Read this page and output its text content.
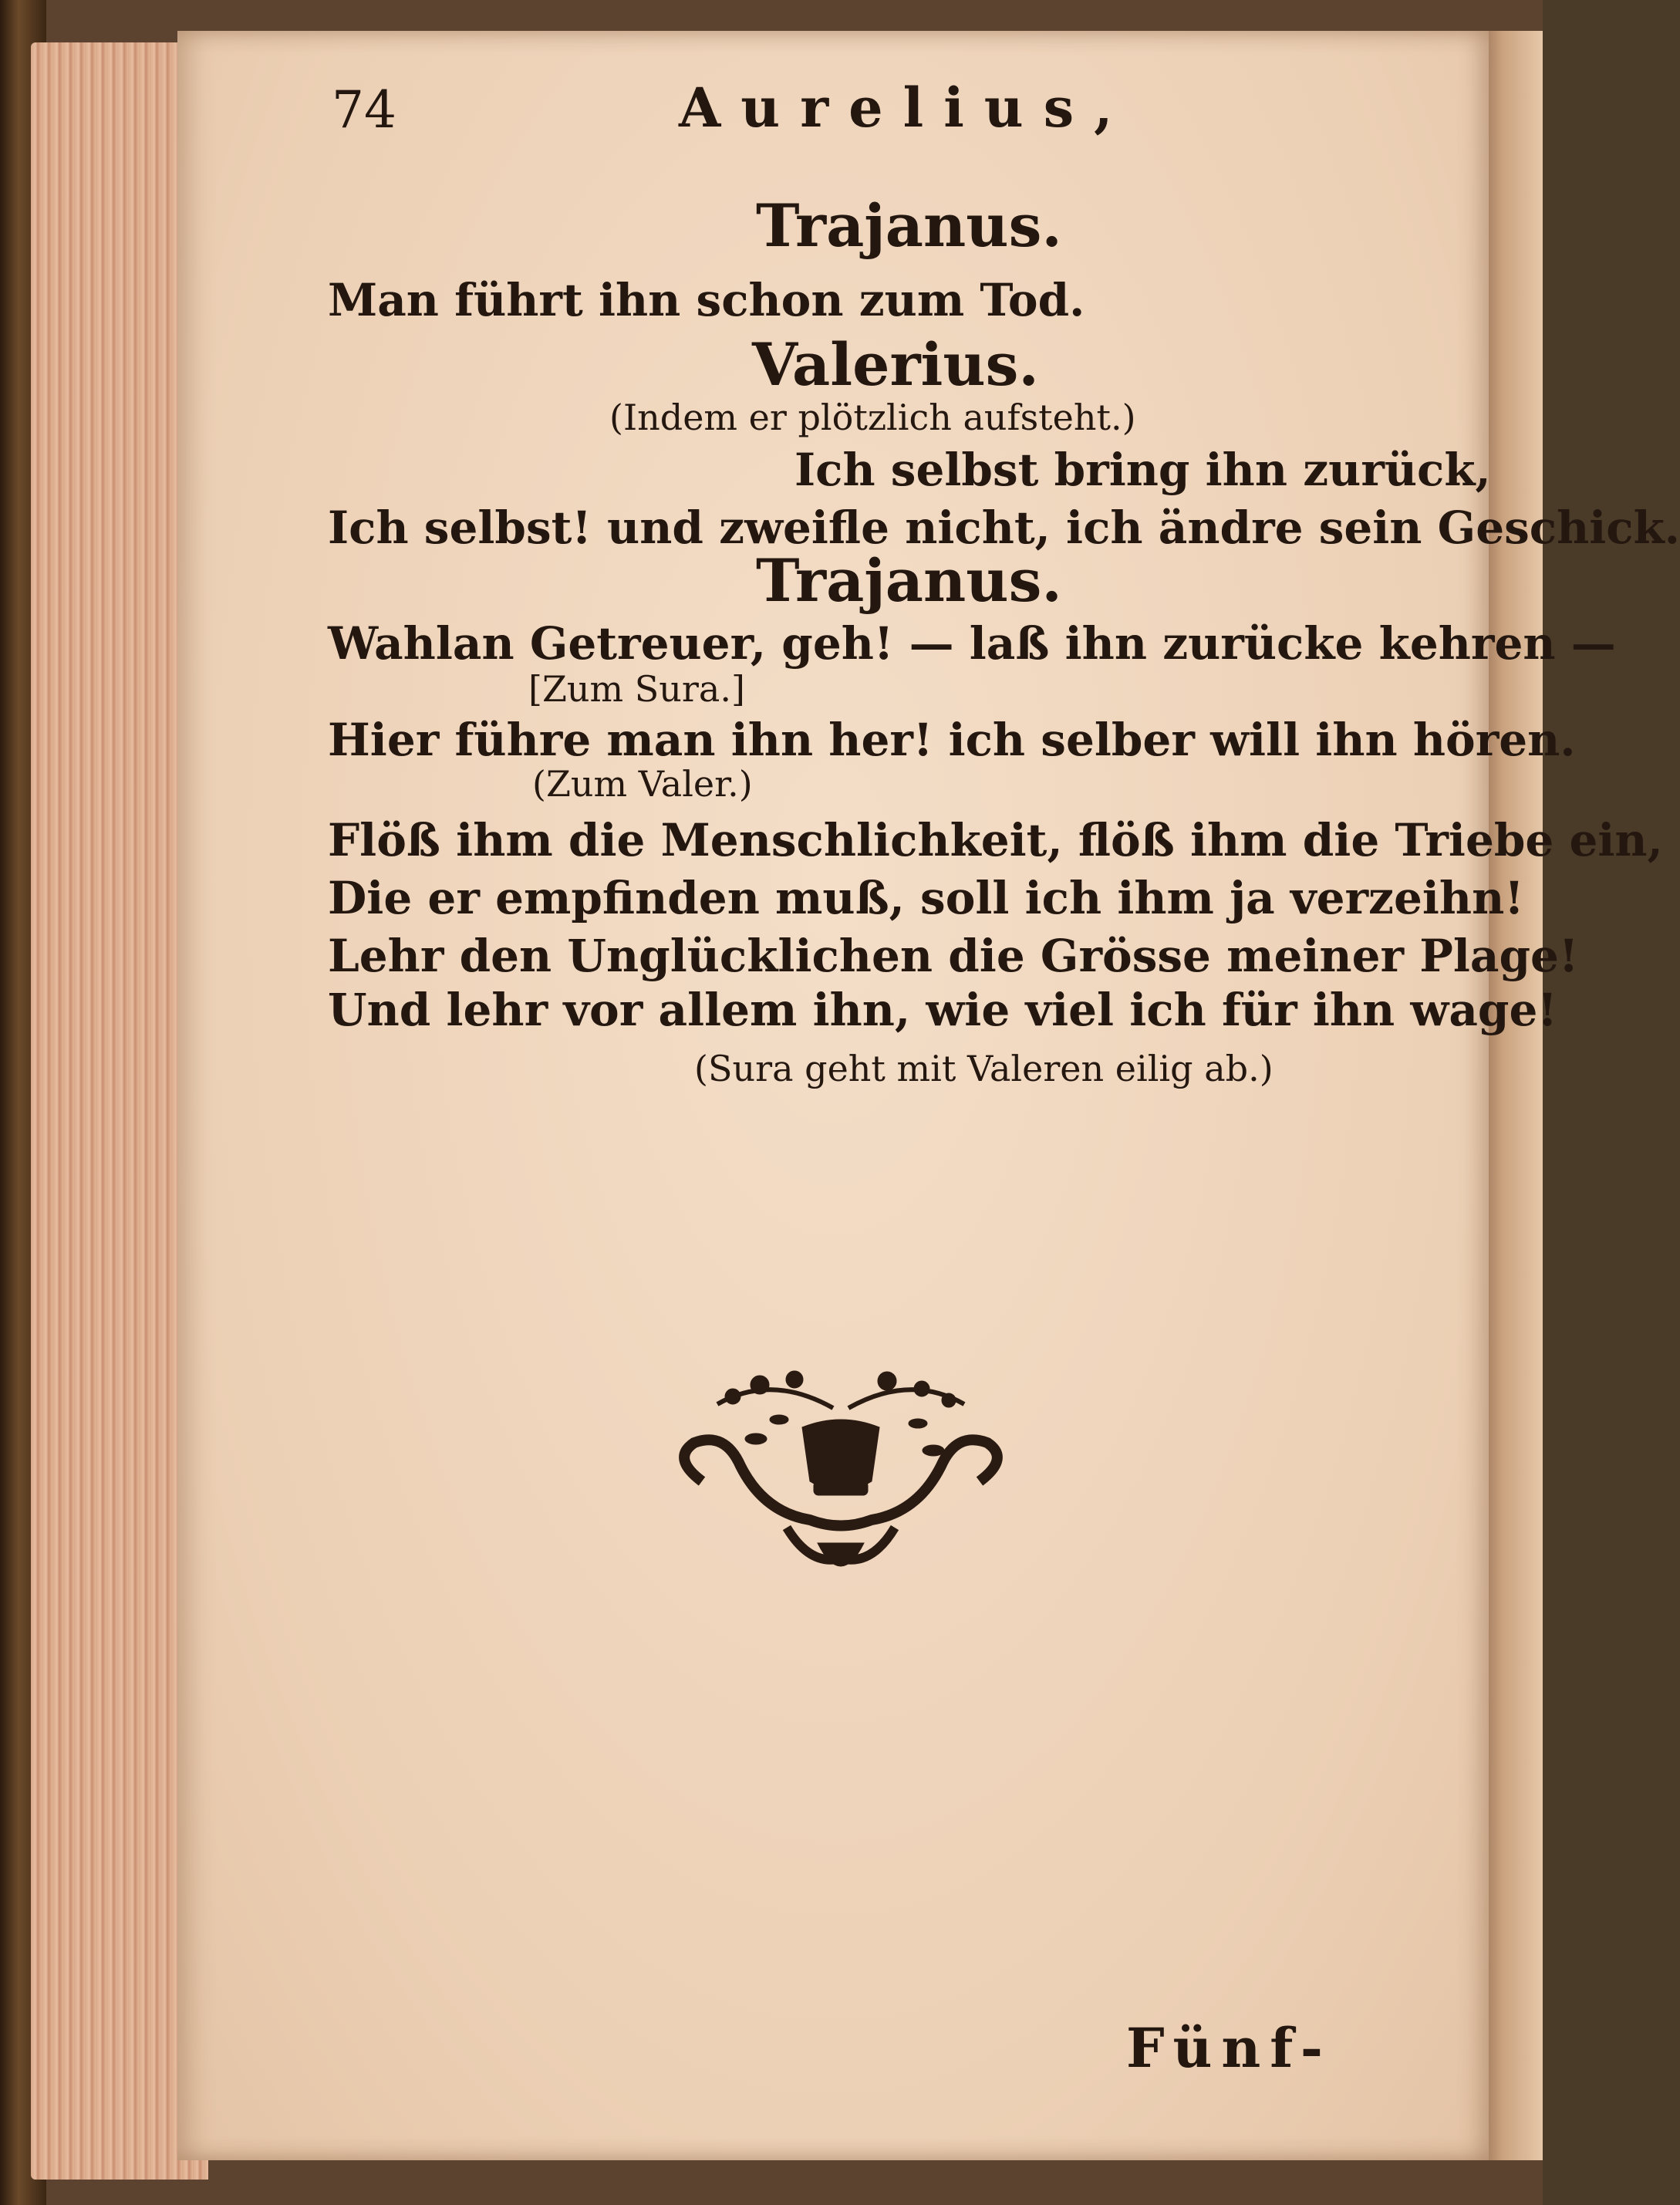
74	Aurelius,
Trajanus.
Man führt ihn schon zum Tod.
Valerius.
(Indem er plötzlich aufsteht.)
Ich selbst bring ihn zurück,
Ich selbst! und zweifle nicht, ich ändre sein Geschick.
Trajanus.
Wahlan Getreuer, geh! — laß ihn zurücke kehren —
[Zum Sura.]
Hier führe man ihn her! ich selber will ihn hören.
(Zum Valer.)
Flöß ihm die Menschlichkeit, flöß ihm die Triebe ein,
Die er empfinden muß, soll ich ihm ja verzeihn!
Lehr den Unglücklichen die Grösse meiner Plage!
Und lehr vor allem ihn, wie viel ich für ihn wage!
(Sura geht mit Valeren eilig ab.)
Fünf-
